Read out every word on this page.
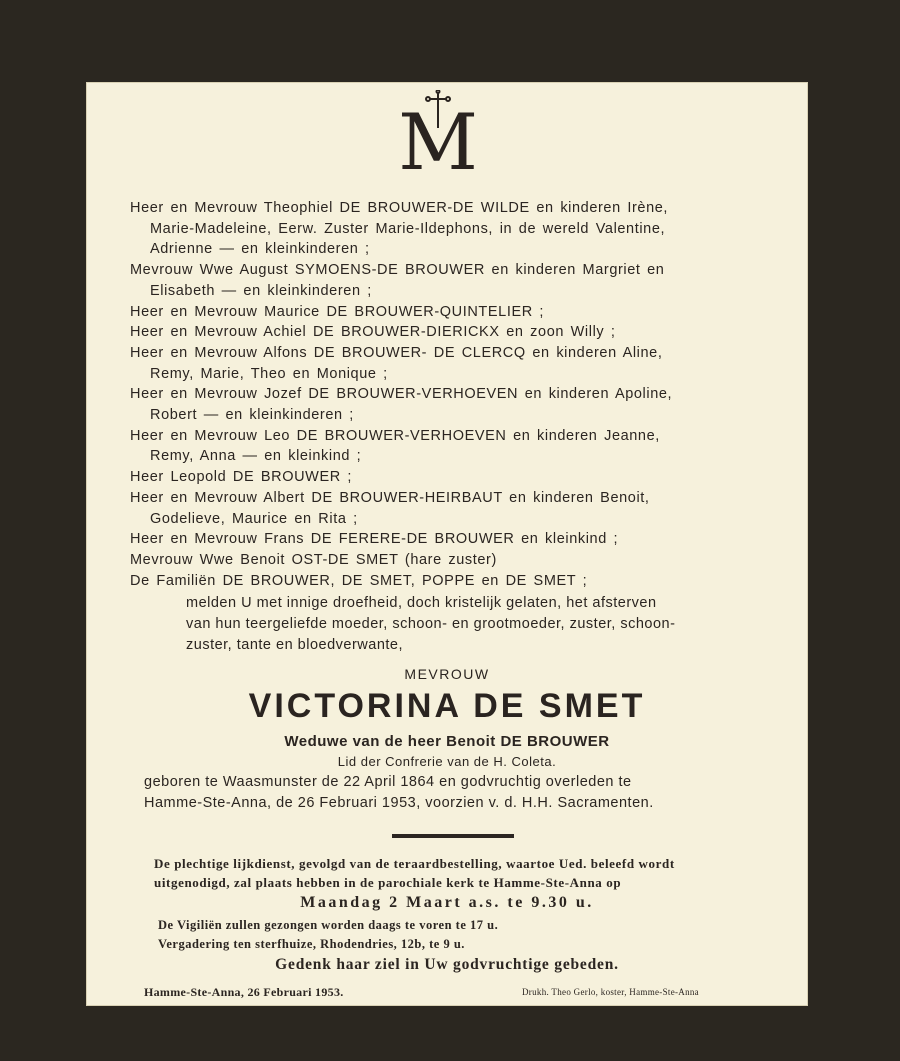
M
Heer en Mevrouw Theophiel DE BROUWER-DE WILDE en kinderen Irène,
Marie-Madeleine, Eerw. Zuster Marie-Ildephons, in de wereld Valentine,
Adrienne — en kleinkinderen ;
Mevrouw Wwe August SYMOENS-DE BROUWER en kinderen Margriet en
Elisabeth — en kleinkinderen ;
Heer en Mevrouw Maurice DE BROUWER-QUINTELIER ;
Heer en Mevrouw Achiel DE BROUWER-DIERICKX en zoon Willy ;
Heer en Mevrouw Alfons DE BROUWER- DE CLERCQ en kinderen Aline,
Remy, Marie, Theo en Monique ;
Heer en Mevrouw Jozef DE BROUWER-VERHOEVEN en kinderen Apoline,
Robert — en kleinkinderen ;
Heer en Mevrouw Leo DE BROUWER-VERHOEVEN en kinderen Jeanne,
Remy, Anna — en kleinkind ;
Heer Leopold DE BROUWER ;
Heer en Mevrouw Albert DE BROUWER-HEIRBAUT en kinderen Benoit,
Godelieve, Maurice en Rita ;
Heer en Mevrouw Frans DE FERERE-DE BROUWER en kleinkind ;
Mevrouw Wwe Benoit OST-DE SMET (hare zuster)
De Familiën DE BROUWER, DE SMET, POPPE en DE SMET ;
melden U met innige droefheid, doch kristelijk gelaten, het afsterven
van hun teergeliefde moeder, schoon- en grootmoeder, zuster, schoon-
zuster, tante en bloedverwante,
MEVROUW
VICTORINA DE SMET
Weduwe van de heer Benoit DE BROUWER
Lid der Confrerie van de H. Coleta.
geboren te Waasmunster de 22 April 1864 en godvruchtig overleden te
Hamme-Ste-Anna, de 26 Februari 1953, voorzien v. d. H.H. Sacramenten.
De plechtige lijkdienst, gevolgd van de teraardbestelling, waartoe Ued. beleefd wordt
uitgenodigd, zal plaats hebben in de parochiale kerk te Hamme-Ste-Anna op
Maandag 2 Maart a.s. te 9.30 u.
De Vigiliën zullen gezongen worden daags te voren te 17 u.
Vergadering ten sterfhuize, Rhodendries, 12b, te 9 u.
Gedenk haar ziel in Uw godvruchtige gebeden.
Hamme-Ste-Anna, 26 Februari 1953.	Drukh. Theo Gerlo, koster, Hamme-Ste-Anna
